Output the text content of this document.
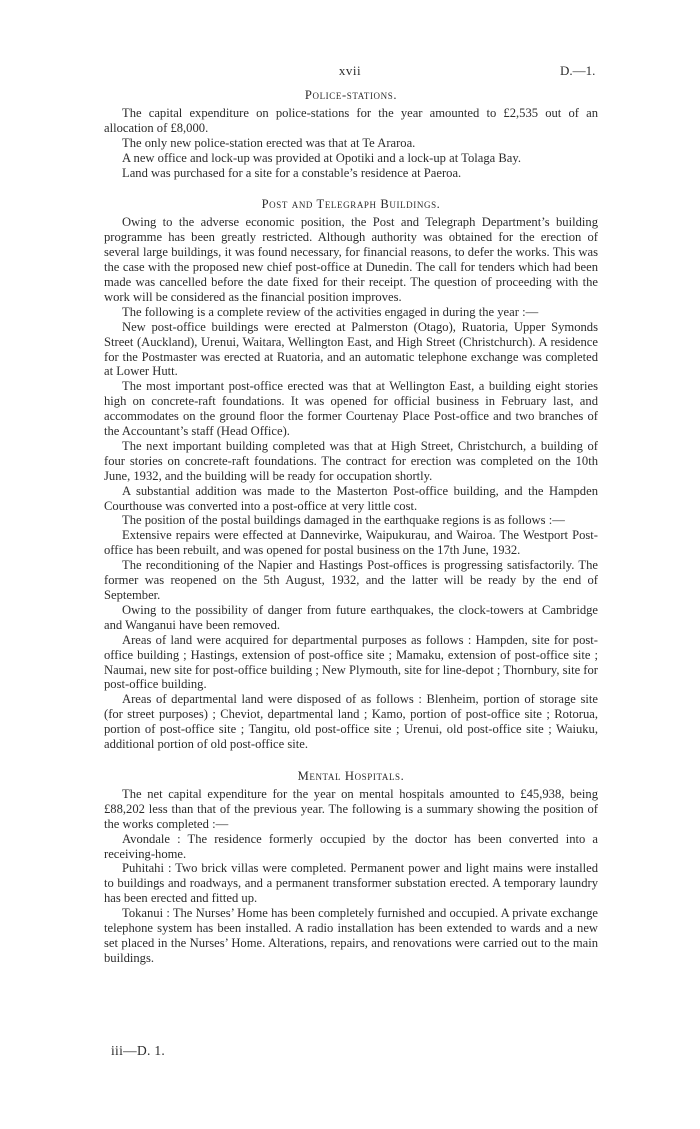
xvii	D.—1.
Police-stations.

The capital expenditure on police-stations for the year amounted to £2,535 out of an allocation of £8,000.

The only new police-station erected was that at Te Araroa.

A new office and lock-up was provided at Opotiki and a lock-up at Tolaga Bay.

Land was purchased for a site for a constable’s residence at Paeroa.

Post and Telegraph Buildings.

Owing to the adverse economic position, the Post and Telegraph Department’s building programme has been greatly restricted. Although authority was obtained for the erection of several large buildings, it was found necessary, for financial reasons, to defer the works. This was the case with the proposed new chief post-office at Dunedin. The call for tenders which had been made was cancelled before the date fixed for their receipt. The question of proceeding with the work will be considered as the financial position improves.

The following is a complete review of the activities engaged in during the year :—

New post-office buildings were erected at Palmerston (Otago), Ruatoria, Upper Symonds Street (Auckland), Urenui, Waitara, Wellington East, and High Street (Christchurch). A residence for the Postmaster was erected at Ruatoria, and an automatic telephone exchange was completed at Lower Hutt.

The most important post-office erected was that at Wellington East, a building eight stories high on concrete-raft foundations. It was opened for official business in February last, and accommodates on the ground floor the former Courtenay Place Post-office and two branches of the Accountant’s staff (Head Office).

The next important building completed was that at High Street, Christchurch, a building of four stories on concrete-raft foundations. The contract for erection was completed on the 10th June, 1932, and the building will be ready for occupation shortly.

A substantial addition was made to the Masterton Post-office building, and the Hampden Courthouse was converted into a post-office at very little cost.

The position of the postal buildings damaged in the earthquake regions is as follows :—

Extensive repairs were effected at Dannevirke, Waipukurau, and Wairoa. The Westport Post-office has been rebuilt, and was opened for postal business on the 17th June, 1932.

The reconditioning of the Napier and Hastings Post-offices is progressing satisfactorily. The former was reopened on the 5th August, 1932, and the latter will be ready by the end of September.

Owing to the possibility of danger from future earthquakes, the clock-towers at Cambridge and Wanganui have been removed.

Areas of land were acquired for departmental purposes as follows : Hampden, site for post-office building ; Hastings, extension of post-office site ; Mamaku, extension of post-office site ; Naumai, new site for post-office building ; New Plymouth, site for line-depot ; Thornbury, site for post-office building.

Areas of departmental land were disposed of as follows : Blenheim, portion of storage site (for street purposes) ; Cheviot, departmental land ; Kamo, portion of post-office site ; Rotorua, portion of post-office site ; Tangitu, old post-office site ; Urenui, old post-office site ; Waiuku, additional portion of old post-office site.

Mental Hospitals.

The net capital expenditure for the year on mental hospitals amounted to £45,938, being £88,202 less than that of the previous year. The following is a summary showing the position of the works completed :—

Avondale : The residence formerly occupied by the doctor has been converted into a receiving-home.

Puhitahi : Two brick villas were completed. Permanent power and light mains were installed to buildings and roadways, and a permanent transformer substation erected. A temporary laundry has been erected and fitted up.

Tokanui : The Nurses’ Home has been completely furnished and occupied. A private exchange telephone system has been installed. A radio installation has been extended to wards and a new set placed in the Nurses’ Home. Alterations, repairs, and renovations were carried out to the main buildings.

iii—D. 1.
